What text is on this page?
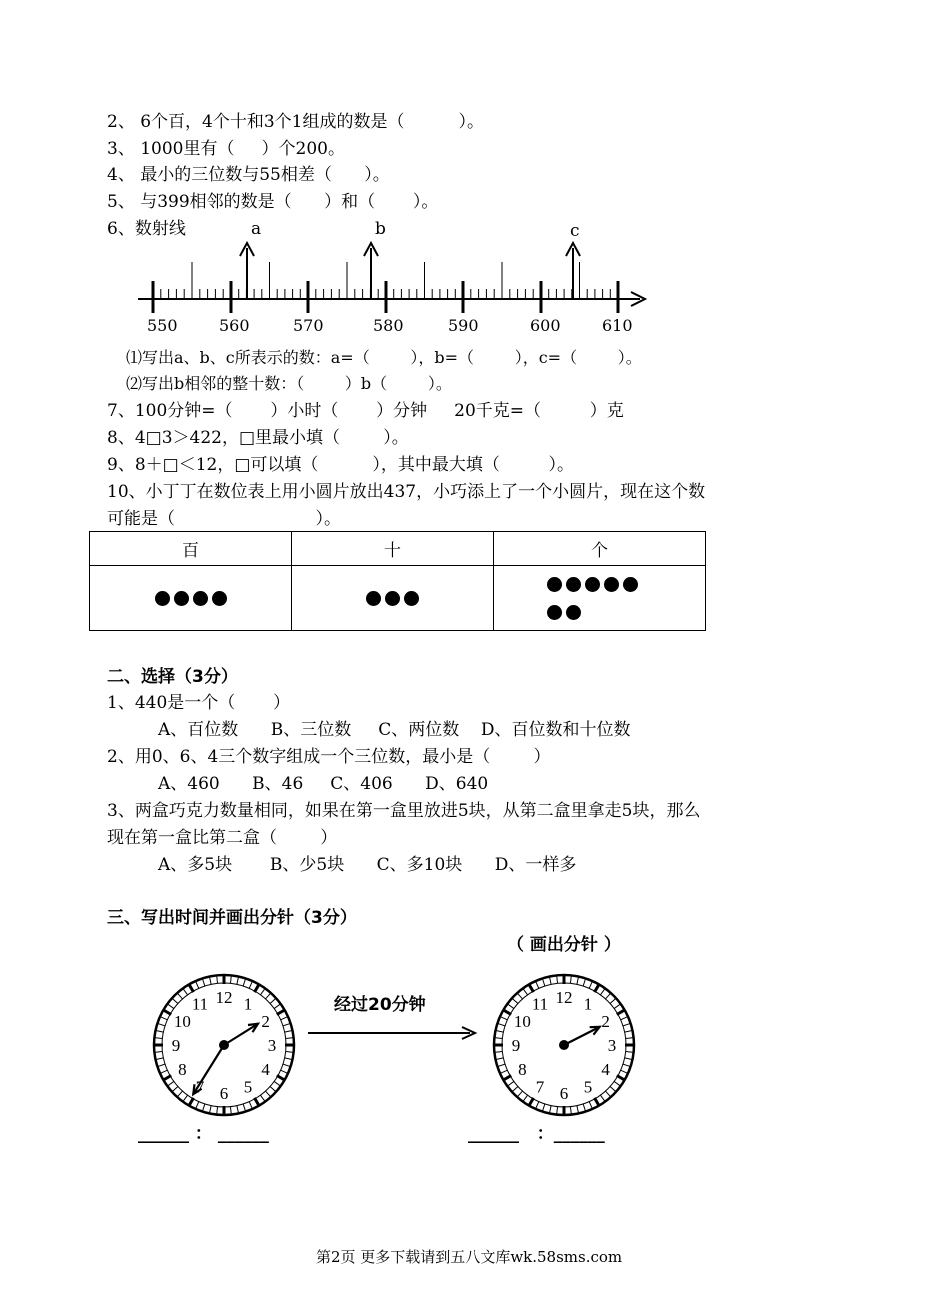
2、 6个百，4个十和3个1组成的数是（          ）。
3、 1000里有（     ）个200。
4、 最小的三位数与55相差（      ）。
5、 与399相邻的数是（      ）和（       ）。
6、数射线
550	560	570	580	590	600	610
a	b	c
⑴写出a、b、c所表示的数：a=（        ），b=（        ），c=（        ）。
⑵写出b相邻的整十数：（        ）b（        ）。
7、100分钟=（       ）小时（       ）分钟     20千克=（         ）克
8、4□3＞422，□里最小填（        ）。
9、8＋□＜12，□可以填（          ），其中最大填（         ）。
10、小丁丁在数位表上用小圆片放出437，小巧添上了一个小圆片，现在这个数
可能是（                          ）。
百	十	个

二、选择（3分）
1、440是一个（       ）
A、百位数      B、三位数     C、两位数    D、百位数和十位数
2、用0、6、4三个数字组成一个三位数，最小是（        ）
A、460      B、46     C、406      D、640
3、两盒巧克力数量相同，如果在第一盒里放进5块，从第二盒里拿走5块，那么
现在第一盒比第二盒（        ）
A、多5块       B、少5块      C、多10块      D、一样多
三、写出时间并画出分针（3分）
（ 画出分针 ）
经过20分钟
12 1
2
3
4
5
6
7
8
9
10
11	12 1
2
3
4
5
6
7
8
9
10
11
______ ： ______	______   ：______
第2页 更多下载请到五八文库wk.58sms.com
